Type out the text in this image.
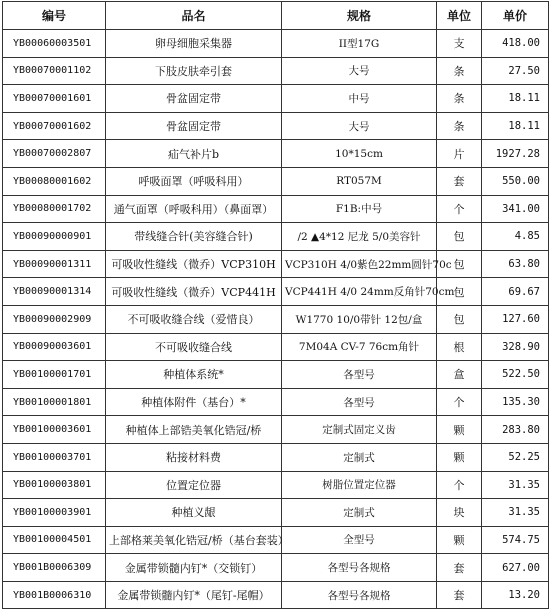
编号	品名	规格	单位	单价
YB00060003501	卵母细胞采集器	II型17G	支	418.00
YB00070001102	下肢皮肤牵引套	大号	条	27.50
YB00070001601	骨盆固定带	中号	条	18.11
YB00070001602	骨盆固定带	大号	条	18.11
YB00070002807	疝气补片b	10*15cm	片	1927.28
YB00080001602	呼吸面罩（呼吸科用）	RT057M	套	550.00
YB00080001702	通气面罩（呼吸科用）（鼻面罩）	F1B:中号	个	341.00
YB00090000901	带线缝合针(美容缝合针)	/2 ▲4*12 尼龙 5/0美容针	包	4.85
YB00090001311	可吸收性缝线（微乔）VCP310H	VCP310H 4/0紫色22mm圆针70c	包	63.80
YB00090001314	可吸收性缝线（微乔）VCP441H	VCP441H 4/0 24mm反角针70cm	包	69.67
YB00090002909	不可吸收缝合线（爱惜良）	W1770 10/0带针 12包/盒	包	127.60
YB00090003601	不可吸收缝合线	7M04A CV-7 76cm角针	根	328.90
YB00100001701	种植体系统*	各型号	盒	522.50
YB00100001801	种植体附件（基台）*	各型号	个	135.30
YB00100003601	种植体上部锆美氧化锆冠/桥	定制式固定义齿	颗	283.80
YB00100003701	粘接材料费	定制式	颗	52.25
YB00100003801	位置定位器	树脂位置定位器	个	31.35
YB00100003901	种植义龈	定制式	块	31.35
YB00100004501	上部格莱美氧化锆冠/桥（基台套装）	全型号	颗	574.75
YB001B0006309	金属带锁髓内钉*（交锁钉）	各型号各规格	套	627.00
YB001B0006310	金属带锁髓内钉*（尾钉-尾帽）	各型号各规格	套	13.20
